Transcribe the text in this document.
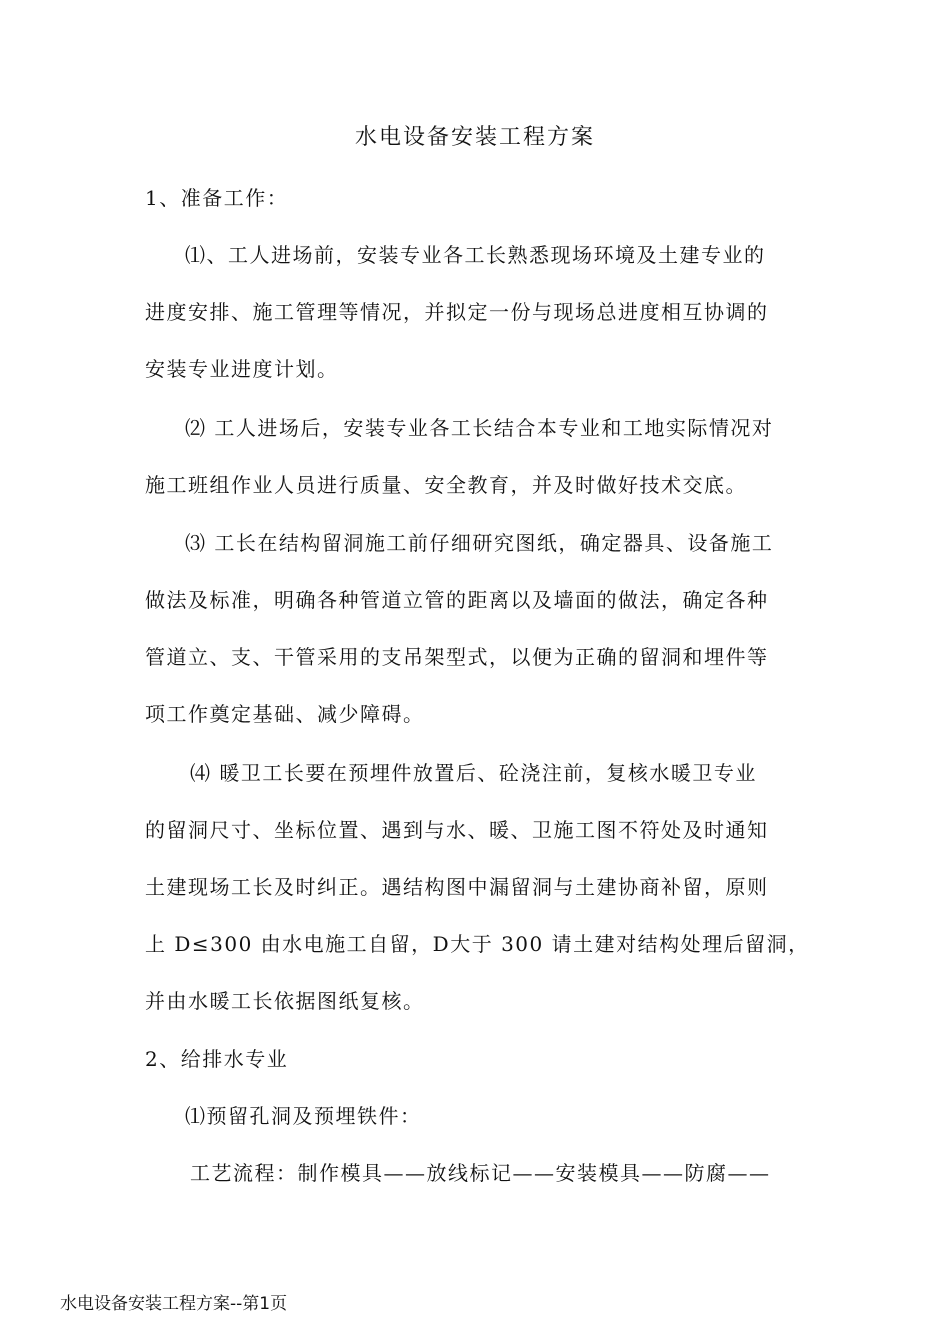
水电设备安装工程方案
1、准备工作：
⑴、工人进场前，安装专业各工长熟悉现场环境及土建专业的
进度安排、施工管理等情况，并拟定一份与现场总进度相互协调的
安装专业进度计划。
⑵ 工人进场后，安装专业各工长结合本专业和工地实际情况对
施工班组作业人员进行质量、安全教育，并及时做好技术交底。
⑶ 工长在结构留洞施工前仔细研究图纸，确定器具、设备施工
做法及标准，明确各种管道立管的距离以及墙面的做法，确定各种
管道立、支、干管采用的支吊架型式，以便为正确的留洞和埋件等
项工作奠定基础、减少障碍。
⑷ 暖卫工长要在预埋件放置后、砼浇注前，复核水暖卫专业
的留洞尺寸、坐标位置、遇到与水、暖、卫施工图不符处及时通知
土建现场工长及时纠正。遇结构图中漏留洞与土建协商补留，原则
上 D≤300 由水电施工自留，D大于 300 请土建对结构处理后留洞，
并由水暖工长依据图纸复核。
2、给排水专业
⑴预留孔洞及预埋铁件：
工艺流程：制作模具——放线标记——安装模具——防腐——
水电设备安装工程方案--第1页
